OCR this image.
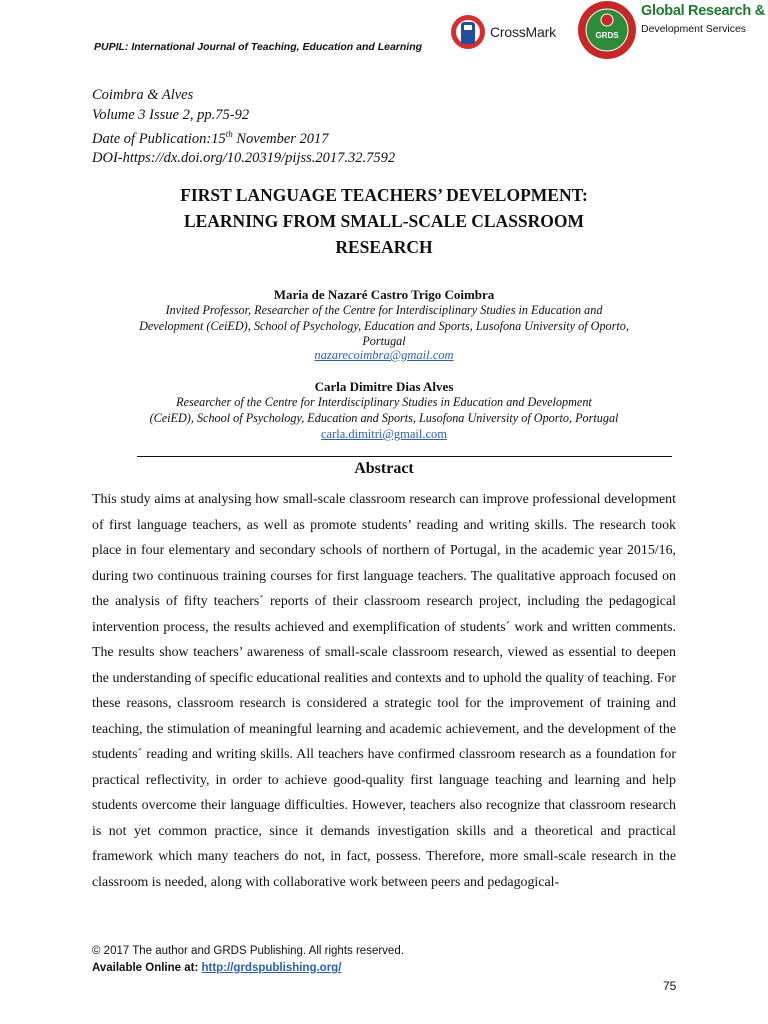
PUPIL: International Journal of Teaching, Education and Learning
CrossMark	GRDS
Global Research &
Development Services
Coimbra & Alves
Volume 3 Issue 2, pp.75-92
Date of Publication:15th November 2017
DOI-https://dx.doi.org/10.20319/pijss.2017.32.7592
FIRST LANGUAGE TEACHERS’ DEVELOPMENT:
LEARNING FROM SMALL-SCALE CLASSROOM
RESEARCH
Maria de Nazaré Castro Trigo Coimbra
Invited Professor, Researcher of the Centre for Interdisciplinary Studies in Education and
Development (CeiED), School of Psychology, Education and Sports, Lusofona University of Oporto,
Portugal
nazarecoimbra@gmail.com
Carla Dimitre Dias Alves
Researcher of the Centre for Interdisciplinary Studies in Education and Development
(CeiED), School of Psychology, Education and Sports, Lusofona University of Oporto, Portugal
carla.dimitri@gmail.com
Abstract
This study aims at analysing how small-scale classroom research can improve professional development of first language teachers, as well as promote students’ reading and writing skills. The research took place in four elementary and secondary schools of northern of Portugal, in the academic year 2015/16, during two continuous training courses for first language teachers. The qualitative approach focused on the analysis of fifty teachers´ reports of their classroom research project, including the pedagogical intervention process, the results achieved and exemplification of students´ work and written comments. The results show teachers’ awareness of small-scale classroom research, viewed as essential to deepen the understanding of specific educational realities and contexts and to uphold the quality of teaching. For these reasons, classroom research is considered a strategic tool for the improvement of training and teaching, the stimulation of meaningful learning and academic achievement, and the development of the students´ reading and writing skills. All teachers have confirmed classroom research as a foundation for practical reflectivity, in order to achieve good-quality first language teaching and learning and help students overcome their language difficulties. However, teachers also recognize that classroom research is not yet common practice, since it demands investigation skills and a theoretical and practical framework which many teachers do not, in fact, possess. Therefore, more small-scale research in the classroom is needed, along with collaborative work between peers and pedagogical-
© 2017 The author and GRDS Publishing. All rights reserved.
Available Online at: http://grdspublishing.org/
75
